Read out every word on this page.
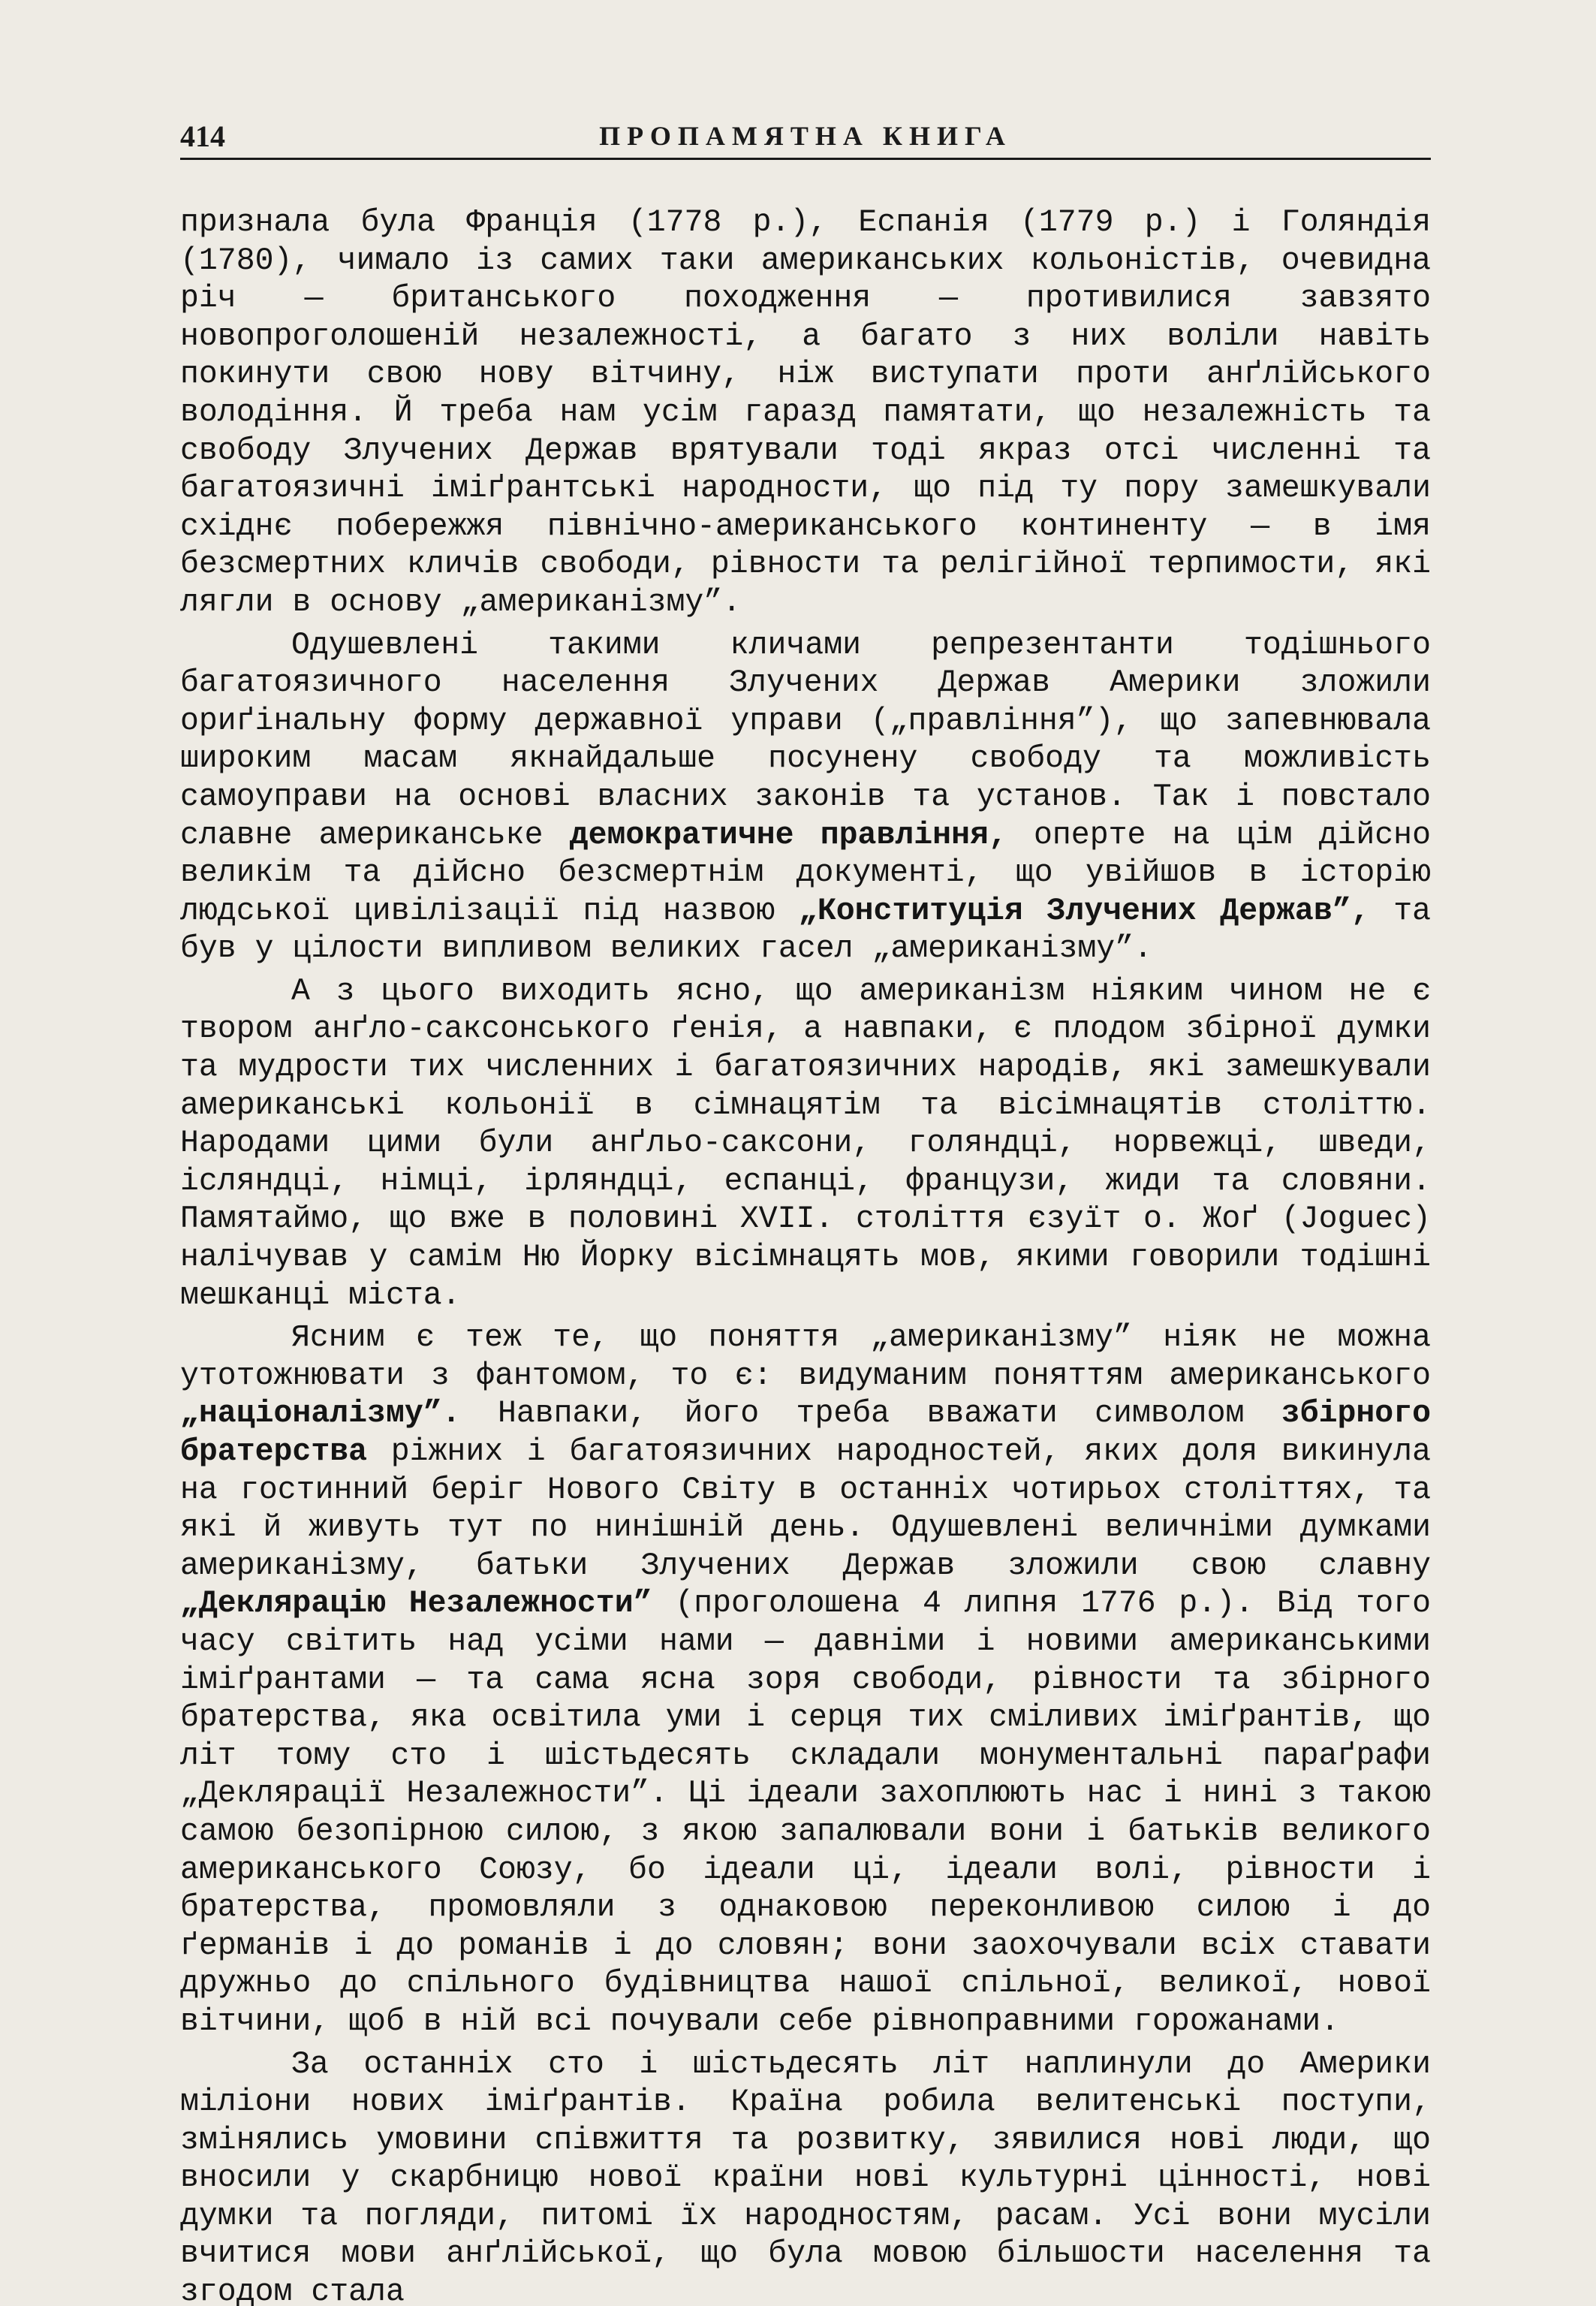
414	ПРОПАМЯТНА КНИГА

признала була Франція (1778 р.), Еспанія (1779 р.) і Голяндія (1780), чимало із самих таки американських кольоністів, очевидна річ — британського походження — противилися завзято новопроголошеній незалежності, а багато з них воліли навіть покинути свою нову вітчину, ніж виступати проти анґлійського володіння. Й треба нам усім гаразд памятати, що незалежність та свободу Злучених Держав врятували тоді якраз отсі численні та багатоязичні іміґрантські народности, що під ту пору замешкували східнє побережжя північно-американського континенту — в імя безсмертних кличів свободи, рівности та релігійної терпимости, які лягли в основу „американізму”.

Одушевлені такими кличами репрезентанти тодішнього багатоязичного населення Злучених Держав Америки зложили ориґінальну форму державної управи („правління”), що запевнювала широким масам якнайдальше посунену свободу та можливість самоуправи на основі власних законів та установ. Так і повстало славне американське демократичне правління, оперте на цім дійсно великім та дійсно безсмертнім документі, що увійшов в історію людської цивілізації під назвою „Конституція Злучених Держав”, та був у цілости випливом великих гасел „американізму”.

А з цього виходить ясно, що американізм ніяким чином не є твором анґло-саксонського ґенія, а навпаки, є плодом збірної думки та мудрости тих численних і багатоязичних народів, які замешкували американські кольонії в сімнацятім та вісімнацятів століттю. Народами цими були анґльо-саксони, голяндці, норвежці, шведи, ісляндці, німці, ірляндці, еспанці, французи, жиди та словяни. Памятаймо, що вже в половині XVII. століття єзуїт о. Жоґ (Joguec) налічував у самім Ню Йорку вісімнацять мов, якими говорили тодішні мешканці міста.

Ясним є теж те, що поняття „американізму” ніяк не можна утотожнювати з фантомом, то є: видуманим поняттям американського „націоналізму”. Навпаки, його треба вважати символом збірного братерства ріжних і багатоязичних народностей, яких доля викинула на гостинний беріг Нового Світу в останніх чотирьох століттях, та які й живуть тут по нинішній день. Одушевлені величніми думками американізму, батьки Злучених Держав зложили свою славну „Деклярацію Незалежности” (проголошена 4 липня 1776 р.). Від того часу світить над усіми нами — давніми і новими американськими іміґрантами — та сама ясна зоря свободи, рівности та збірного братерства, яка освітила уми і серця тих сміливих іміґрантів, що літ тому сто і шістьдесять складали монументальні параґрафи „Деклярації Незалежности”. Ці ідеали захоплюють нас і нині з такою самою безопірною силою, з якою запалювали вони і батьків великого американського Союзу, бо ідеали ці, ідеали волі, рівности і братерства, промовляли з однаковою переконливою силою і до ґерманів і до романів і до словян; вони заохочували всіх ставати дружньо до спільного будівництва нашої спільної, великої, нової вітчини, щоб в ній всі почували себе рівноправними горожанами.

За останніх сто і шістьдесять літ наплинули до Америки міліони нових іміґрантів. Країна робила велитенські поступи, змінялись умовини співжиття та розвитку, зявилися нові люди, що вносили у скарбницю нової країни нові культурні цінності, нові думки та погляди, питомі їх народностям, расам. Усі вони мусіли вчитися мови анґлійської, що була мовою більшости населення та згодом стала
